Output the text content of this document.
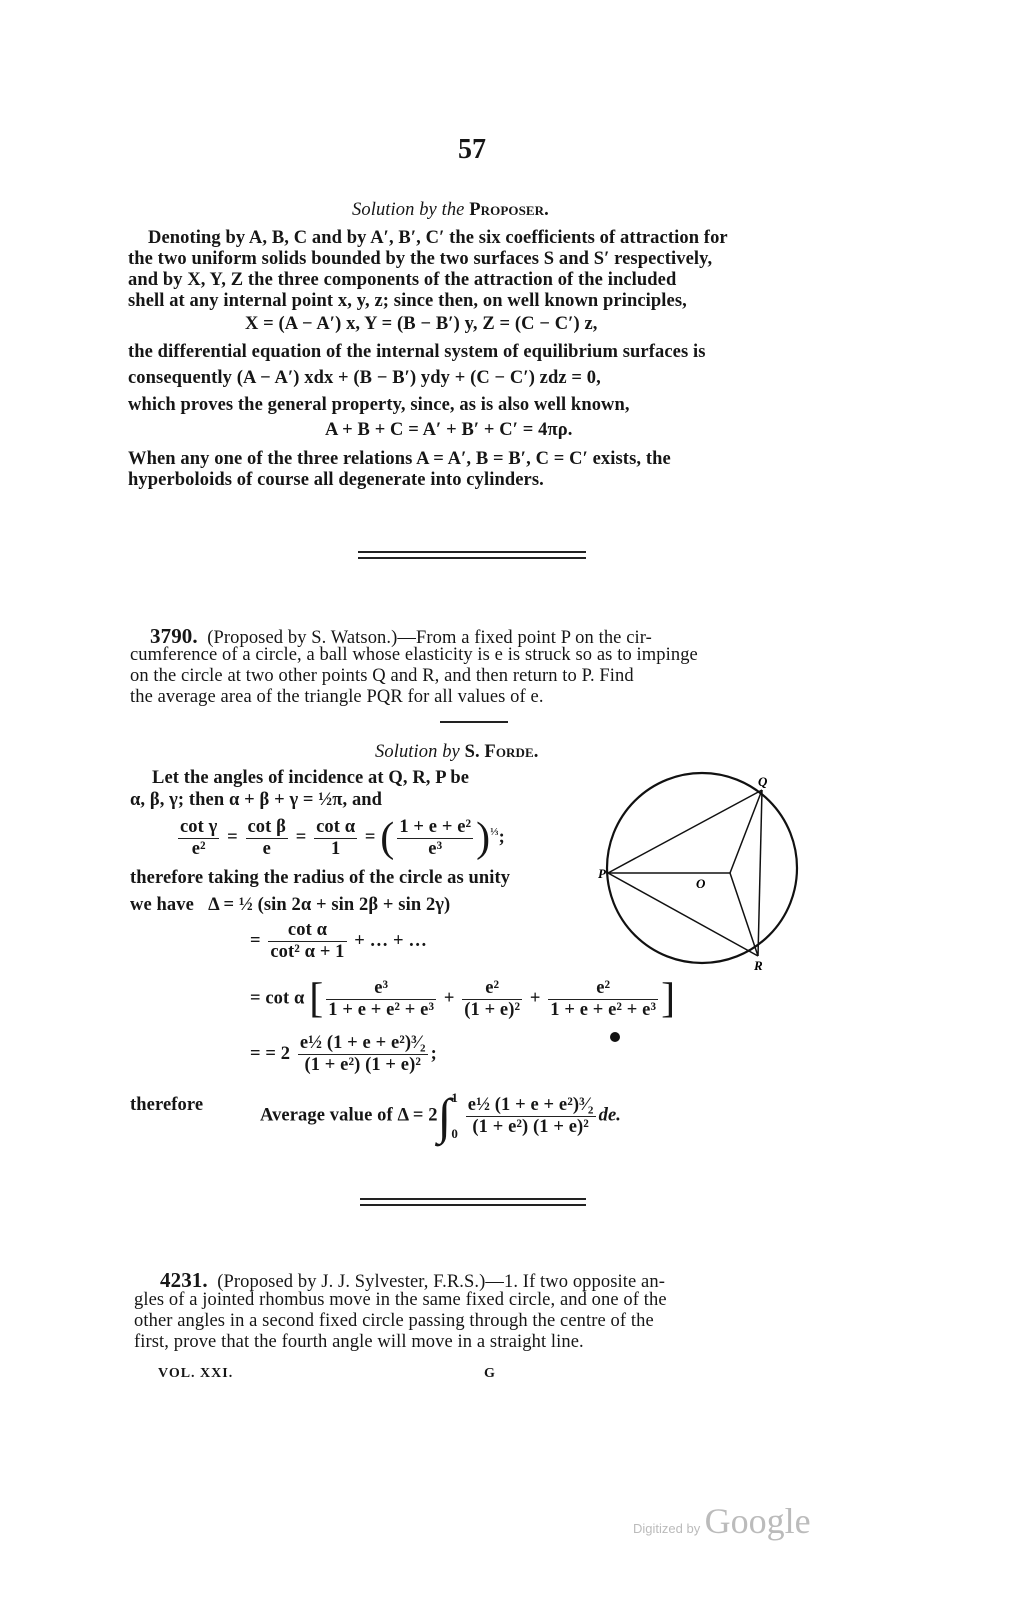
57
Solution by the Proposer.
Denoting by A, B, C and by A′, B′, C′ the six coefficients of attraction for
the two uniform solids bounded by the two surfaces S and S′ respectively,
and by X, Y, Z the three components of the attraction of the included
shell at any internal point x, y, z; since then, on well known principles,
X = (A − A′) x, Y = (B − B′) y, Z = (C − C′) z,
the differential equation of the internal system of equilibrium surfaces is
consequently (A − A′) xdx + (B − B′) ydy + (C − C′) zdz = 0,
which proves the general property, since, as is also well known,
A + B + C = A′ + B′ + C′ = 4πρ.
When any one of the three relations A = A′, B = B′, C = C′ exists, the
hyperboloids of course all degenerate into cylinders.
3790. (Proposed by S. Watson.)—From a fixed point P on the cir-
cumference of a circle, a ball whose elasticity is e is struck so as to impinge
on the circle at two other points Q and R, and then return to P. Find
the average area of the triangle PQR for all values of e.
Solution by S. Forde.
Let the angles of incidence at Q, R, P be
α, β, γ; then α + β + γ = ½π, and
$\frac{\text{cot γ}}{\text{e²}} = \frac{\text{cot β}}{e} = \frac{\text{cot α}}{1}$ = ( $\frac{\text{1 + e + e²}}{\text{e³}} )^{\frac{1}{3}}$;
therefore taking the radius of the circle as unity
we have Δ = ½ (sin 2α + sin 2β + sin 2γ)
= $\frac{\text{cot α}}{\text{cot² α + 1}}$ + … + …
= cot α [ $\frac{\text{e³}}{\text{1 + e + e² + e³}} + \frac{\text{e²}}{\text{(1 + e)²}} + \frac{\text{e²}}{\text{1 + e + e² + e³}}$ ]
= = $2 \frac{\text{e½ (1 + e + e²)³⁄₂}}{\text{(1 + e²) (1 + e)²}}$ ;
therefore
Average value of Δ = 2∫ 1
0
$\frac{\text{e½ (1 + e + e²)³⁄₂}}{\text{(1 + e²) (1 + e)²}}$ de.
P
Q
R
O
4231. (Proposed by J. J. Sylvester, F.R.S.)—1. If two opposite an-
gles of a jointed rhombus move in the same fixed circle, and one of the
other angles in a second fixed circle passing through the centre of the
first, prove that the fourth angle will move in a straight line.
VOL. XXI.	G
Digitized by Google
